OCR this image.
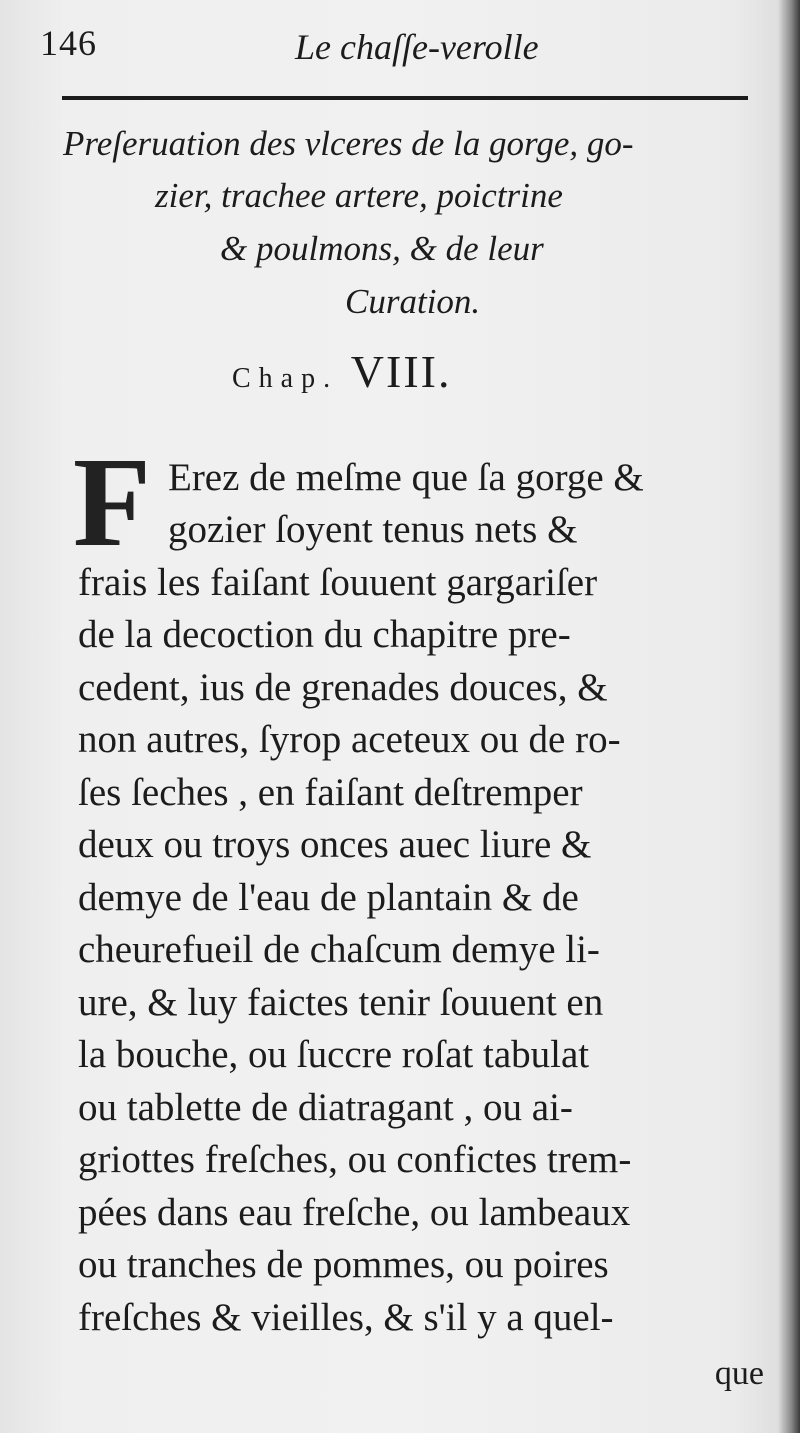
146	Le chaſſe-verolle
Preſeruation des vlceres de la gorge, go-
zier, trachee artere, poictrine
& poulmons, & de leur
Curation.
Chap. VIII.
F Erez de meſme que ſa gorge &
gozier ſoyent tenus nets &
frais les faiſant ſouuent gargariſer
de la decoction du chapitre pre-
cedent, ius de grenades douces, &
non autres, ſyrop aceteux ou de ro-
ſes ſeches , en faiſant deſtremper
deux ou troys onces auec liure &
demye de l'eau de plantain & de
cheurefueil de chaſcum demye li-
ure, & luy faictes tenir ſouuent en
la bouche, ou ſuccre roſat tabulat
ou tablette de diatragant , ou ai-
griottes freſches, ou confictes trem-
pées dans eau freſche, ou lambeaux
ou tranches de pommes, ou poires
freſches & vieilles, & s'il y a quel-
que
